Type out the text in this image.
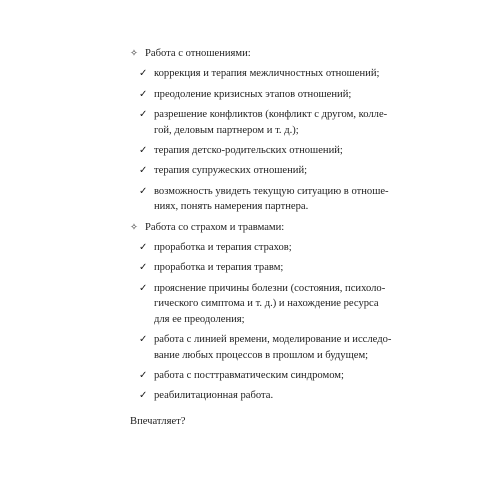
✧ Работа с отношениями:
✓ коррекция и терапия межличностных отношений;
✓ преодоление кризисных этапов отношений;
✓ разрешение конфликтов (конфликт с другом, колле-
гой, деловым партнером и т. д.);
✓ терапия детско-родительских отношений;
✓ терапия супружеских отношений;
✓ возможность увидеть текущую ситуацию в отноше-
ниях, понять намерения партнера.
✧ Работа со страхом и травмами:
✓ проработка и терапия страхов;
✓ проработка и терапия травм;
✓ прояснение причины болезни (состояния, психоло-
гического симптома и т. д.) и нахождение ресурса
для ее преодоления;
✓ работа с линией времени, моделирование и исследо-
вание любых процессов в прошлом и будущем;
✓ работа с посттравматическим синдромом;
✓ реабилитационная работа.
Впечатляет?
